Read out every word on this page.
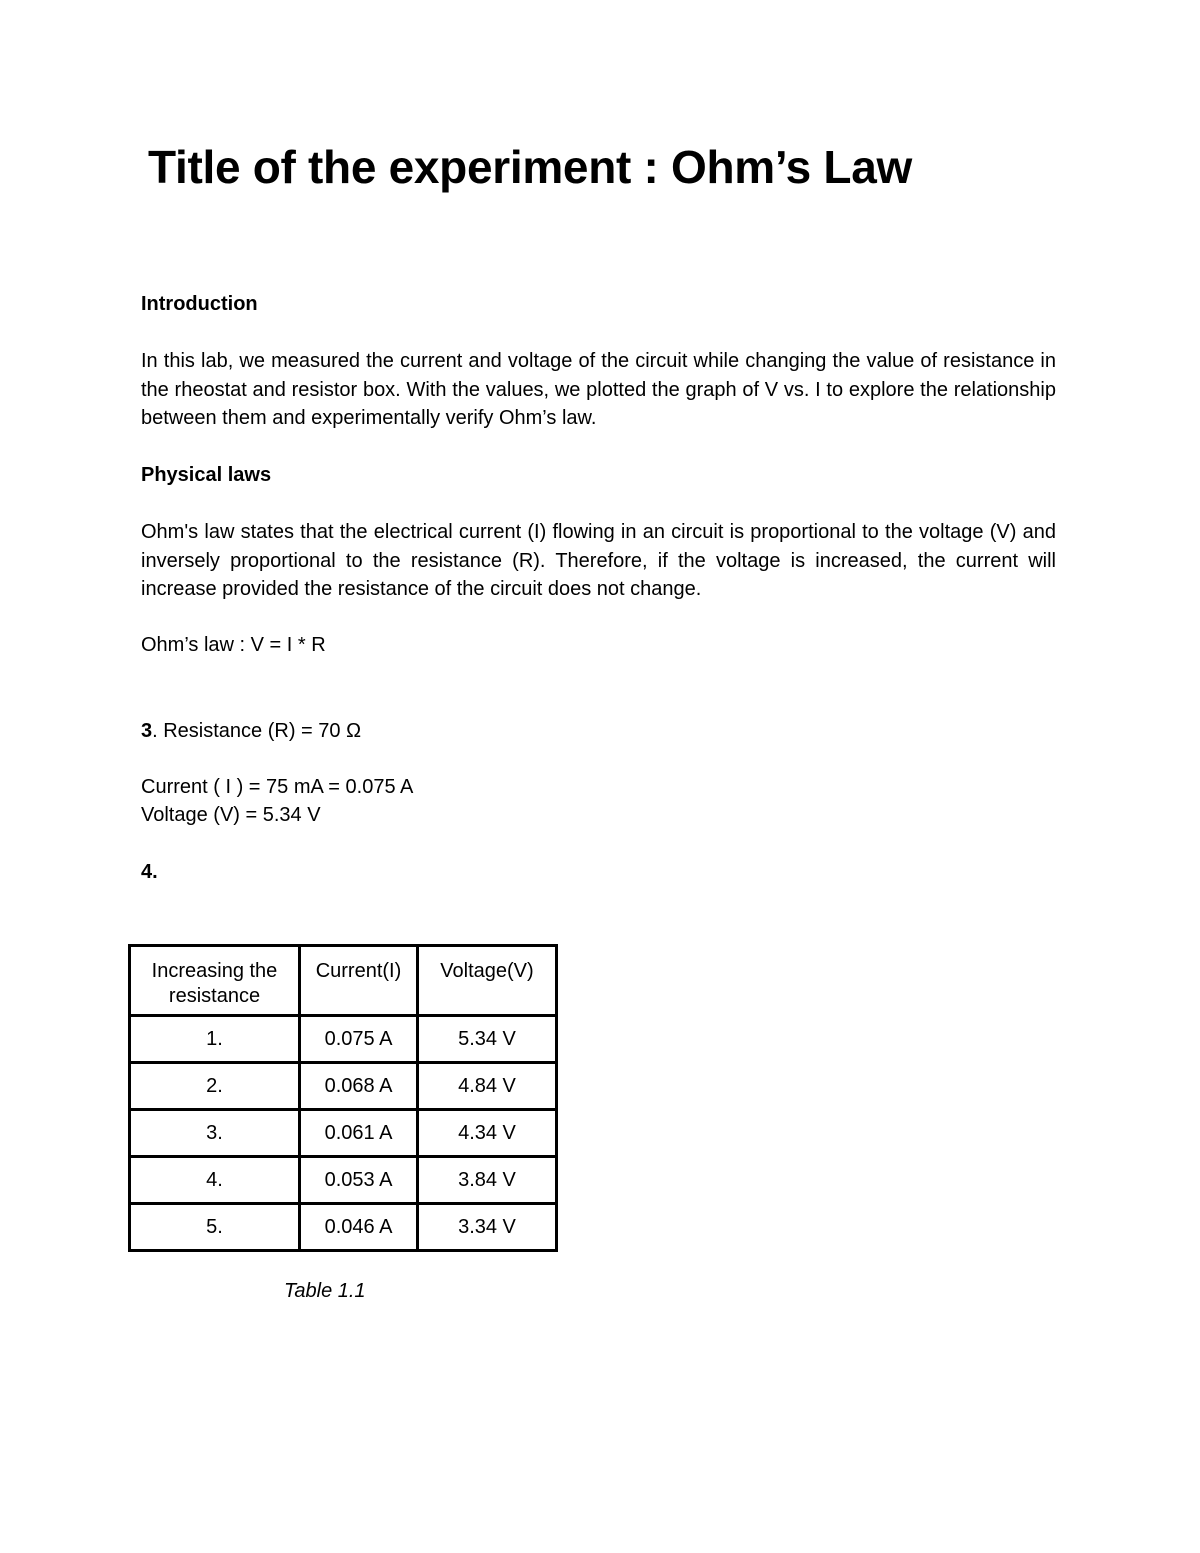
Title of the experiment : Ohm’s Law
Introduction

In this lab, we measured the current and voltage of the circuit while changing the value of resistance in the rheostat and resistor box. With the values, we plotted the graph of V vs. I to explore the relationship between them and experimentally verify Ohm’s law.

Physical laws

Ohm's law states that the electrical current (I) flowing in an circuit is proportional to the voltage (V) and inversely proportional to the resistance (R). Therefore, if the voltage is increased, the current will increase provided the resistance of the circuit does not change.

Ohm’s law : V = I * R

3. Resistance (R) = 70 Ω

Current ( I ) = 75 mA = 0.075 A

Voltage (V) = 5.34 V

4.

Increasing the resistance	Current(I)	Voltage(V)
1.	0.075 A	5.34 V
2.	0.068 A	4.84 V
3.	0.061 A	4.34 V
4.	0.053 A	3.84 V
5.	0.046 A	3.34 V

Table 1.1
